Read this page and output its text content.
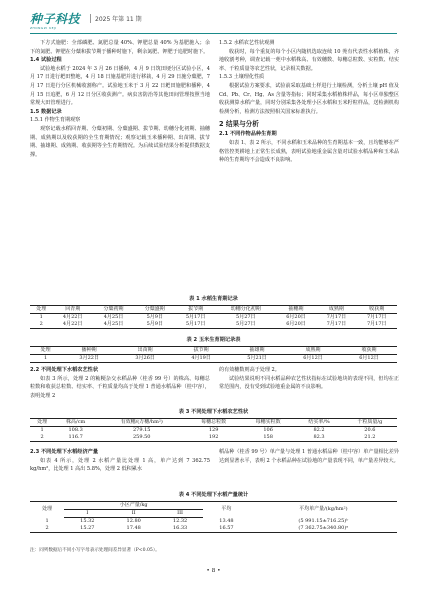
种子科技
ZHONGZI KEJI
2025 年第 11 期

下方式施肥：全部磷肥、氮肥总量 40%、钾肥总量 40% 为基肥施入；余下的氮肥、钾肥在分蘖和拔节期于播种时施下，剩余氮肥、钾肥于追肥时施下。

1.4 试验过程

试验地水稻于 2024 年 3 月 26 日播种，4 月 9 日筑田埂分区试验小区，4 月 17 日进行耙田整地，4 月 18 日施基肥并进行移栽，4 月 29 日施分蘖肥，7 月 17 日进行分区机械收割称产。试验地玉米于 3 月 22 日耙田施肥和播种，4 月 15 日追肥，6 月 12 日分区收获测产。病虫害防治等其他田间管理按照当地常规大田管理进行。

1.5 数据记录
1.5.1 作物生育期观察

观察记载水稻回青期、分蘖初期、分蘖盛期、拔节期、幼穗分化初期、抽穗期、成熟期以及收获期的全生育期情况；观察记载玉米播种期、出苗期、拔节期、抽雄期、成熟期、收获期等全生育期情况。为后续试验结果分析提供数据支撑。

1.5.2 水稻农艺性状观测

收获时，每个重复的每个小区内随机选取连续 10 蔸有代表性水稻植株，齐地收割考种，调查记载一蔸中水稻株高、有效穗数、每穗总粒数、实粒数、结实率、千粒质量等农艺性状，记录相关数据。

1.5.3 土壤理化性质

根据试验方案要求，试验前采取基础土样进行土壤检测，分析土壤 pH 值及 Cd、Pb、Cr、Hg、As 含量等指标；同时采集水稻植株样品，每小区单独整区收获测算水稻产量，同时分别采集各处理小区水稻和玉米籽粒样品，送检测机构检测分析，检测方法按照相关国家标准执行。

2 结果与分析
2.1 不同作物品种生育期

如表 1、表 2 所示，不同水稻和玉米品种的生育期基本一致，且均能够在严格管控类耕地上正常生长成熟，表明试验地重金属含量对试验水稻品种和玉米品种的生育期均不会造成不良影响。

表 1 水稻生育期记录
处理	回青期	分蘖初期	分蘖盛期	拔节期	幼穗分化初期	抽穗期	成熟期	收获期
1	4月22日	4月25日	5月9日	5月17日	5月27日	6月20日	7月17日	7月17日
2	4月22日	4月25日	5月9日	5月17日	5月27日	6月20日	7月17日	7月17日
表 2 玉米生育期记录表
处理	播种期	出苗期	拔节期	抽雄期	成熟期	收获期
1	3月22日	3月26日	4月19日	5月21日	6月12日	6月12日
2.2 不同处理下水稻农艺性状

如表 3 所示，处理 2 的籼粳杂交水稻品种（桂香 99 号）的株高、每穗总粒数和收获总粒数、结实率、千粒质量均高于处理 1 普通水稻品种（桂中容），表明处理 2

的有效穗数则高于处理 2。

试验结果说明不同水稻品种农艺性状指标在试验地块的表现不同，但均在正常范围内，没有受到试验地重金属的不良影响。

表 3 不同处理下水稻农艺性状
处理	株高/cm	有效穗/(万穗/hm²)	每穗总粒数	每穗实粒数	结实率/%	千粒质量/g
1	108.3	279.15	129	106	82.2	20.6
2	116.7	259.50	192	158	82.3	21.2
2.3 不同处理下水稻经济产量

如表 4 所示，处理 2 水稻产量比处理 1 高，单产达到 7 362.75 kg/hm²，比处理 1 高出 5.8%，处理 2 低积累水

稻品种（桂香 99 号）单产量与处理 1 普通水稻品种（桂中容）单产量相比差异达到显著水平，表明 2 个水稻品种在试验地的产量表现不同，单产量差异较大。

表 4 不同处理下水稻产量统计
处理	小区产量/kg			平均	平均单产量/(kg/hm²)
	I	II	III		
1	15.32	12.80	12.32	13.48	(5 991.15±716.25)ᵇ
2	15.27	17.48	16.33	16.57	(7 362.75±340.80)ᵃ
注：同列数据后不同小写字母表示处理间差异显著（P<0.05）。
• 8 •
